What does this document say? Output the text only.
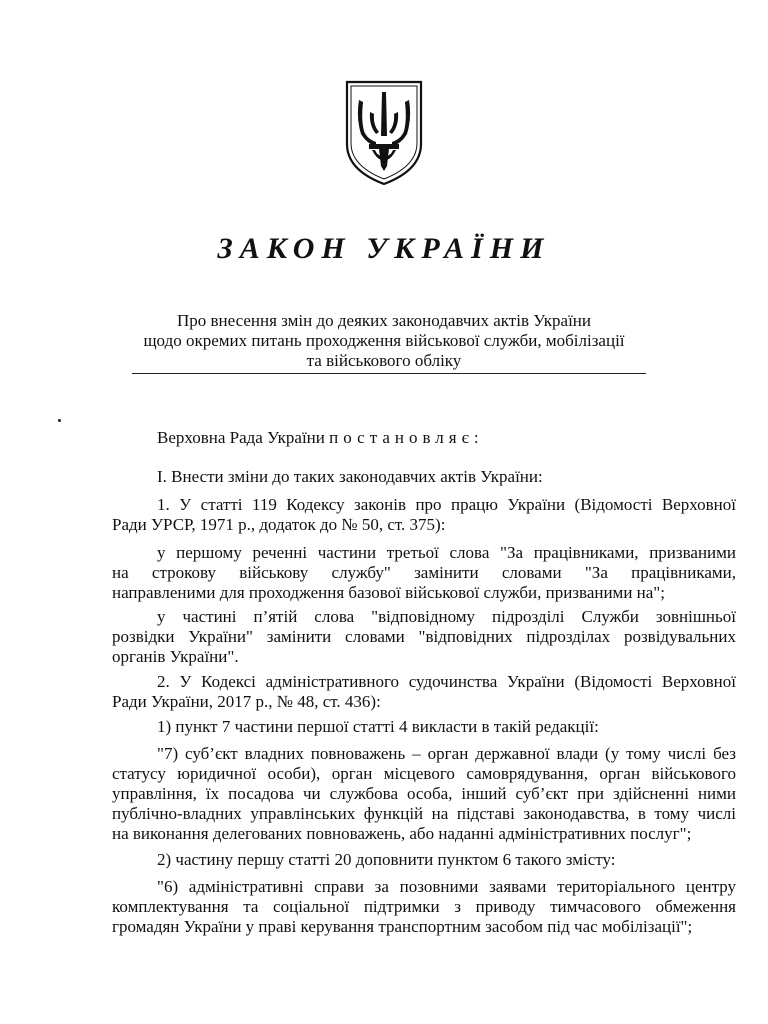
ЗАКОН УКРАЇНИ
Про внесення змін до деяких законодавчих актів України
щодо окремих питань проходження військової служби, мобілізації
та військового обліку
Верховна Рада України постановляє:
I. Внести зміни до таких законодавчих актів України:
1. У статті 119 Кодексу законів про працю України (Відомості Верховної
Ради УРСР, 1971 р., додаток до № 50, ст. 375):
у першому реченні частини третьої слова "За працівниками, призваними
на строкову військову службу" замінити словами "За працівниками,
направленими для проходження базової військової служби, призваними на";
у частині п’ятій слова "відповідному підрозділі Служби зовнішньої
розвідки України" замінити словами "відповідних підрозділах розвідувальних
органів України".
2. У Кодексі адміністративного судочинства України (Відомості Верховної
Ради України, 2017 р., № 48, ст. 436):
1) пункт 7 частини першої статті 4 викласти в такій редакції:
"7) суб’єкт владних повноважень – орган державної влади (у тому числі без
статусу юридичної особи), орган місцевого самоврядування, орган військового
управління, їх посадова чи службова особа, інший суб’єкт при здійсненні ними
публічно-владних управлінських функцій на підставі законодавства, в тому числі
на виконання делегованих повноважень, або наданні адміністративних послуг";
2) частину першу статті 20 доповнити пунктом 6 такого змісту:
"6) адміністративні справи за позовними заявами територіального центру
комплектування та соціальної підтримки з приводу тимчасового обмеження
громадян України у праві керування транспортним засобом під час мобілізації";
